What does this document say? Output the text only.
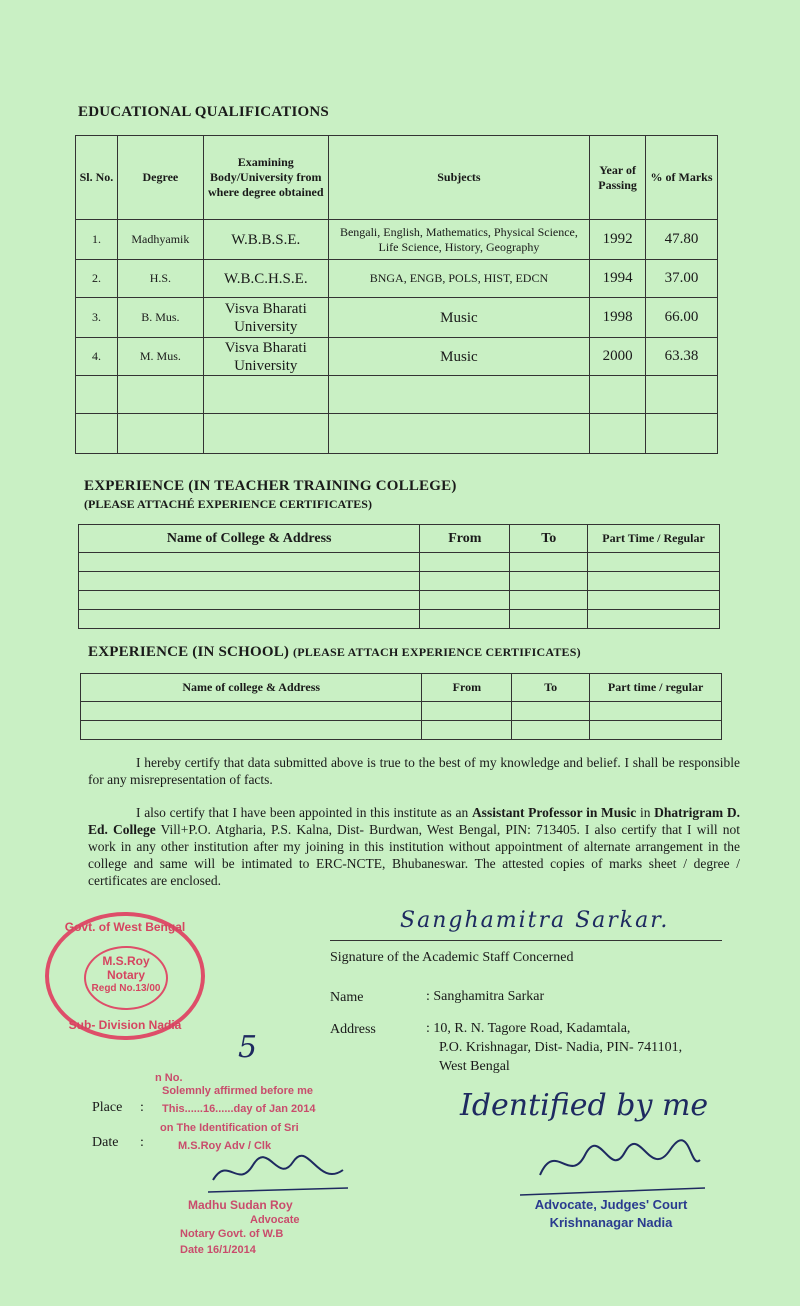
EDUCATIONAL QUALIFICATIONS
Sl. No.	Degree	Examining Body/University from where degree obtained	Subjects	Year of Passing	% of Marks
1.	Madhyamik	W.B.B.S.E.	Bengali, English, Mathematics, Physical Science, Life Science, History, Geography	1992	47.80
2.	H.S.	W.B.C.H.S.E.	BNGA, ENGB, POLS, HIST, EDCN	1994	37.00
3.	B. Mus.	Visva Bharati University	Music	1998	66.00
4.	M. Mus.	Visva Bharati University	Music	2000	63.38

EXPERIENCE (IN TEACHER TRAINING COLLEGE)
(PLEASE ATTACHÉ EXPERIENCE CERTIFICATES)
Name of College & Address	From	To	Part Time / Regular

EXPERIENCE (IN SCHOOL) (PLEASE ATTACH EXPERIENCE CERTIFICATES)
Name of college & Address	From	To	Part time / regular

I hereby certify that data submitted above is true to the best of my knowledge and belief. I shall be responsible for any misrepresentation of facts.

I also certify that I have been appointed in this institute as an Assistant Professor in Music in Dhatrigram D. Ed. College Vill+P.O. Atgharia, P.S. Kalna, Dist- Burdwan, West Bengal, PIN: 713405. I also certify that I will not work in any other institution after my joining in this institution without appointment of alternate arrangement in the college and same will be intimated to ERC-NCTE, Bhubaneswar. The attested copies of marks sheet / degree / certificates are enclosed.

Sanghamitra Sarkar.
Signature of the Academic Staff Concerned
Name	: Sanghamitra Sarkar
Address	: 10, R. N. Tagore Road, Kadamtala,
P.O. Krishnagar, Dist- Nadia, PIN- 741101,
West Bengal
Place :
Date :
Govt. of West Bengal
M.S.Roy
Notary
Regd No.13/00
Sub- Division Nadia
5
n No.
Solemnly affirmed before me
This......16......day of Jan 2014
on The Identification of Sri
M.S.Roy Adv / Clk
Madhu Sudan Roy
Advocate
Notary Govt. of W.B
Date 16/1/2014
Identified by me
Advocate, Judges' Court
Krishnanagar Nadia
